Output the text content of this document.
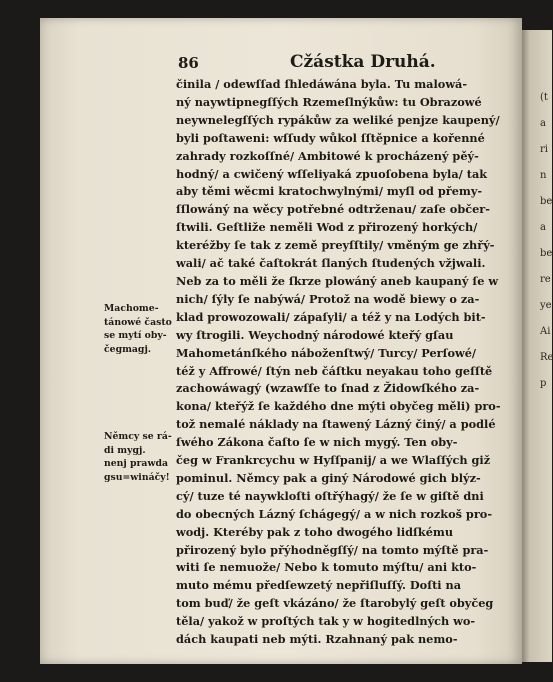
(t
a
ri
n
be
a
be
re
ye
Ai
Re
p
86	Cžástka Druhá.
Machome-
tánowé často
se mytí oby-
čegmagj.
Němcy se rá-
di mygj.
nenj prawda
gsu=wináčy!
činila / odewſſad ſhledáwána byla. Tu malowá-
ný naywtipnegſſých Rzemeſlnýkůw: tu Obrazowé
neywnelegſſých rypákůw za weliké penjze kaupený/
byli poſtaweni: wſſudy wůkol ſſtěpnice a kořenné
zahrady rozkoſſné/ Ambitowé k procházený pěý-
hodný/ a cwičený wſſeliyaká zpuoſobena byla/ tak
aby těmi wěcmi kratochwylnými/ myſl od přemy-
ſſlowáný na wěcy potřebné odtrženau/ zaſe občer-
ſtwili. Geſtliže neměli Wod z přirozený horkých/
kteréžby ſe tak z země preyſſtily/ vměným ge zhřý-
wali/ ač také čaſtokrát ſlaných ſtudených vžjwali.
Neb za to měli že ſkrze plowáný aneb kaupaný ſe w
nich/ ſýly ſe nabýwá/ Protož na wodě biewy o za-
klad prowozowali/ zápaſyli/ a též y na Lodých bit-
wy ſtrogili. Weychodný národowé kteřý gſau
Mahometánſkého náboženſtwý/ Turcy/ Perſowé/
též y Affrowé/ ſtýn neb čáſtku neyakau toho geſſtě
zachowáwagý (wzawſſe to ſnad z Židowſkého za-
kona/ kteřýž ſe každého dne mýti obyčeg měli) pro-
tož nemalé náklady na ſtawený Lázný činý/ a podlé
ſwého Zákona čaſto ſe w nich mygý. Ten oby-
čeg w Frankrcychu w Hyſſpanij/ a we Wlaſſých giž
pominul. Němcy pak a giný Národowé gich blýz-
cý/ tuze té naywkloſti oſtřýhagý/ že ſe w giſtě dni
do obecných Lázný ſchágegý/ a w nich rozkoš pro-
wodj. Kteréby pak z toho dwogého lidſkému
přirozený bylo přýhodněgſſý/ na tomto mýſtě pra-
witi ſe nemuože/ Nebo k tomuto mýſtu/ ani kto-
muto mému předſewzetý nepřiſluſſý. Doſti na
tom buď/ že geſt vkázáno/ že ſtarobylý geſt obyčeg
těla/ yakož w proſtých tak y w hogitedlných wo-
dách kaupati neb mýti. Rzahnaný pak nemo-
